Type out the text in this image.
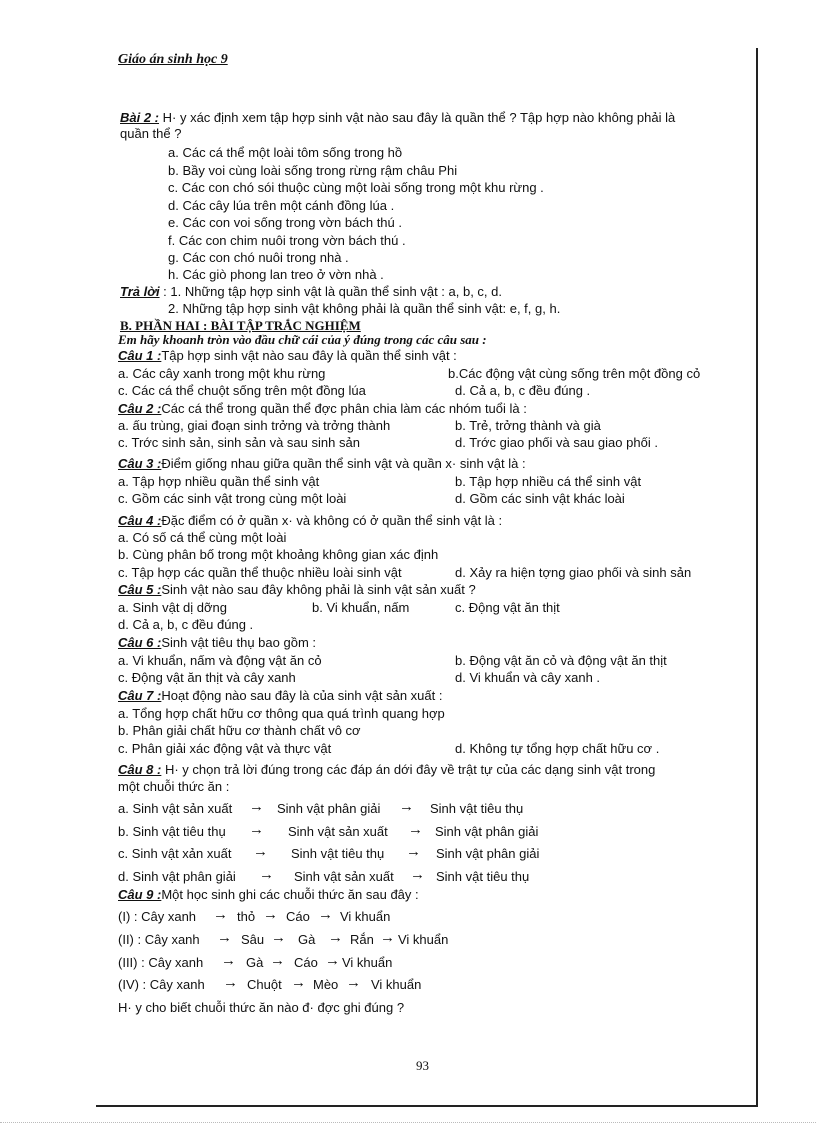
Giáo án sinh học 9
Bài 2 : H· y xác định xem tập hợp sinh vật nào sau đây là quần thể ? Tập hợp nào không phải là
quần thể ?
a. Các cá thể một loài tôm sống trong hồ
b. Bầy voi cùng loài sống trong rừng rậm châu Phi
c. Các con chó sói thuộc cùng một loài sống trong một khu rừng .
d. Các cây lúa trên một cánh đồng lúa .
e. Các con voi sống trong vờn bách thú .
f. Các con chim nuôi trong vờn bách thú .
g. Các con chó nuôi trong nhà .
h. Các giò phong lan treo ở vờn nhà .
Trả lời : 1. Những tập hợp sinh vật là quần thể sinh vật : a, b, c, d.
2. Những tập hợp sinh vật không phải là quần thể sinh vật: e, f, g, h.
B. PHẦN HAI : BÀI TẬP TRẮC NGHIỆM
Em hãy khoanh tròn vào đầu chữ cái của ý đúng trong các câu sau :
Câu 1 :Tập hợp sinh vật nào sau đây là quần thể sinh vật :
a. Các cây xanh trong một khu rừng	b.Các động vật cùng sống trên một đồng cỏ
c. Các cá thể chuột sống trên một đồng lúa	d. Cả a, b, c đều đúng .
Câu 2 :Các cá thể trong quần thể đợc phân chia làm các nhóm tuổi là :
a. ấu trùng, giai đoạn sinh trởng và trởng thành	b. Trẻ, trởng thành và già
c. Trớc sinh sản, sinh sản và sau sinh sản	d. Trớc giao phối và sau giao phối .
Câu 3 :Điểm giống nhau giữa quần thể sinh vật và quần x· sinh vật là :
a. Tập hợp nhiều quần thể sinh vật	b. Tập hợp nhiều cá thể sinh vật
c. Gồm các sinh vật trong cùng một loài	d. Gồm các sinh vật khác loài
Câu 4 :Đặc điểm có ở quần x· và không có ở quần thể sinh vật là :
a. Có số cá thể cùng một loài
b. Cùng phân bố trong một khoảng không gian xác định
c. Tập hợp các quần thể thuộc nhiều loài sinh vật	d. Xảy ra hiện tợng giao phối và sinh sản
Câu 5 :Sinh vật nào sau đây không phải là sinh vật sản xuất ?
a. Sinh vật dị dỡng	b. Vi khuẩn, nấm	c. Động vật ăn thịt
d. Cả a, b, c đều đúng .
Câu 6 :Sinh vật tiêu thụ bao gồm :
a. Vi khuẩn, nấm và động vật ăn cỏ	b. Động vật ăn cỏ và động vật ăn thịt
c. Động vật ăn thịt và cây xanh	d. Vi khuẩn và cây xanh .
Câu 7 :Hoạt động nào sau đây là của sinh vật sản xuất :
a. Tổng hợp chất hữu cơ thông qua quá trình quang hợp
b. Phân giải chất hữu cơ thành chất vô cơ
c. Phân giải xác động vật và thực vật	d. Không tự tổng hợp chất hữu cơ .
Câu 8 : H· y chọn trả lời đúng trong các đáp án dới đây về trật tự của các dạng sinh vật trong
một chuỗi thức ăn :
a. Sinh vật sản xuất → Sinh vật phân giải → Sinh vật tiêu thụ
b. Sinh vật tiêu thụ → Sinh vật sản xuất → Sinh vật phân giải
c. Sinh vật xản xuất → Sinh vật tiêu thụ → Sinh vật phân giải
d. Sinh vật phân giải → Sinh vật sản xuất → Sinh vật tiêu thụ
Câu 9 :Một học sinh ghi các chuỗi thức ăn sau đây :
(I) : Cây xanh → thỏ → Cáo → Vi khuẩn
(II) : Cây xanh → Sâu → Gà → Rắn → Vi khuẩn
(III) : Cây xanh → Gà → Cáo → Vi khuẩn
(IV) : Cây xanh → Chuột → Mèo → Vi khuẩn
H· y cho biết chuỗi thức ăn nào đ· đợc ghi đúng ?
93
